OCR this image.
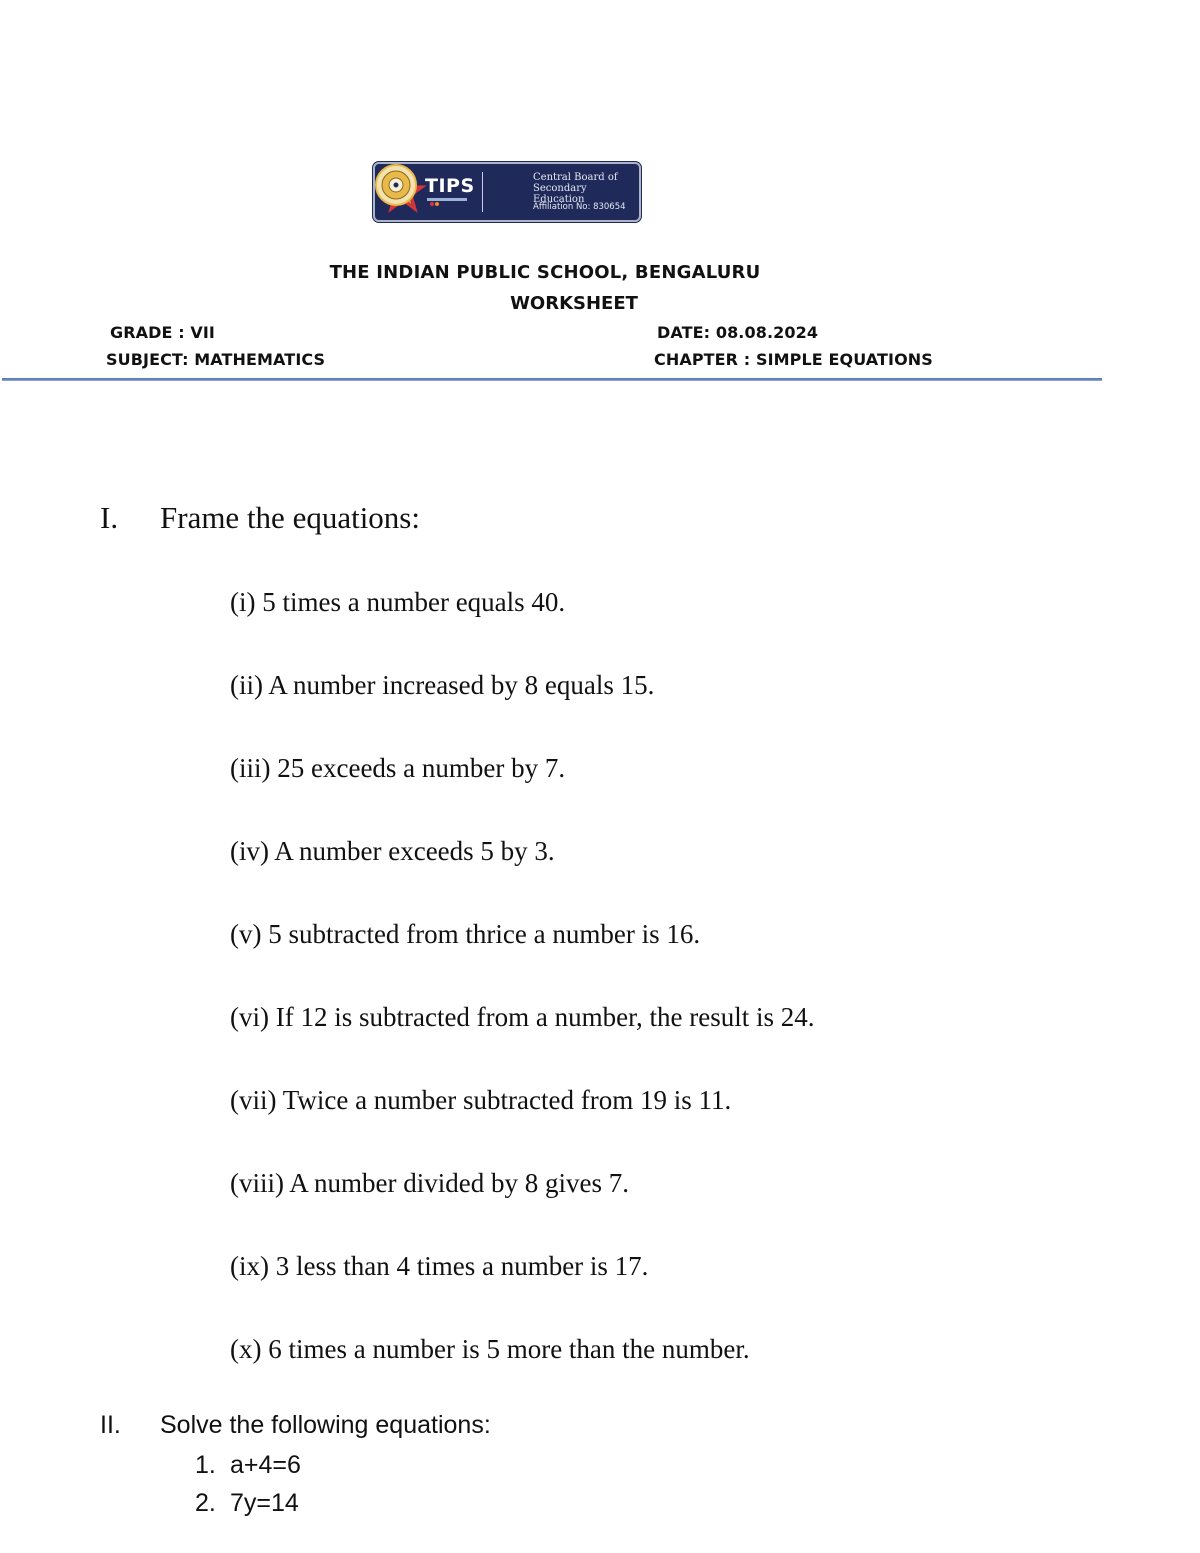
TIPS	Central Board of
Secondary Education
Affiliation No: 830654
THE INDIAN PUBLIC SCHOOL, BENGALURU
WORKSHEET
GRADE : VII
SUBJECT: MATHEMATICS
DATE: 08.08.2024
CHAPTER : SIMPLE EQUATIONS
I. Frame the equations:
(i) 5 times a number equals 40.
(ii) A number increased by 8 equals 15.
(iii) 25 exceeds a number by 7.
(iv) A number exceeds 5 by 3.
(v) 5 subtracted from thrice a number is 16.
(vi) If 12 is subtracted from a number, the result is 24.
(vii) Twice a number subtracted from 19 is 11.
(viii) A number divided by 8 gives 7.
(ix) 3 less than 4 times a number is 17.
(x) 6 times a number is 5 more than the number.
II. Solve the following equations:
1. a+4=6
2. 7y=14
